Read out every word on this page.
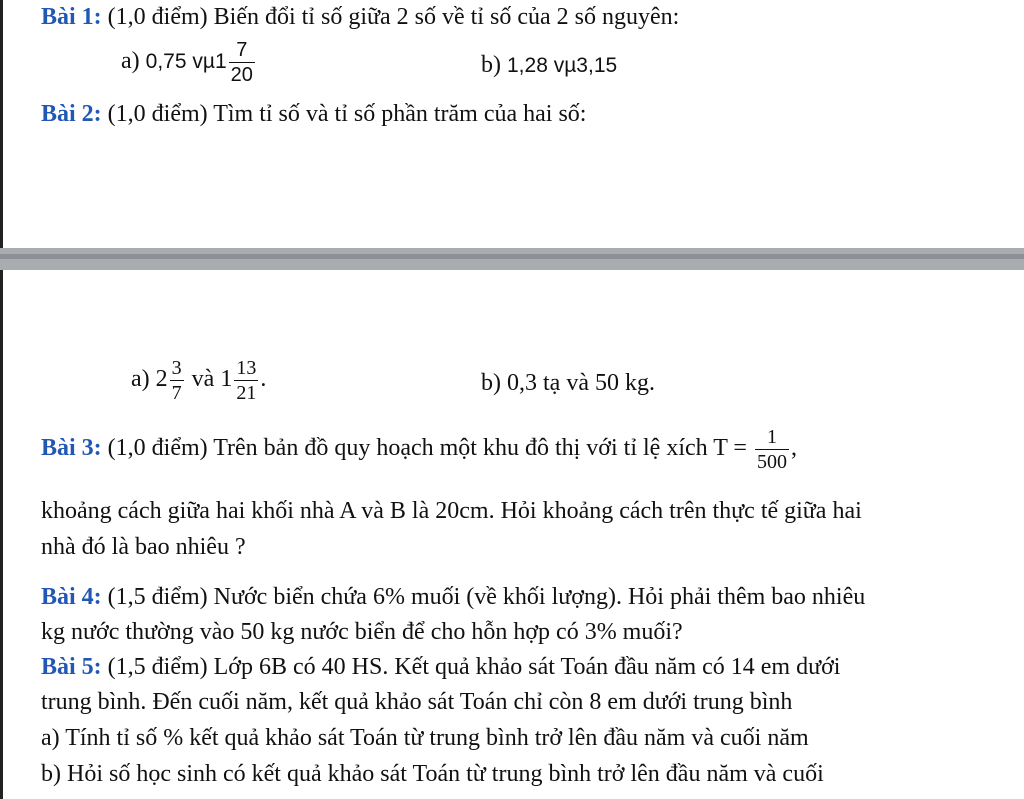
Bài 1: (1,0 điểm) Biến đổi tỉ số giữa 2 số về tỉ số của 2 số nguyên:
a) 0,75 $v\mu 1 \frac{7}{20}$	b) 1,28 vµ3,15
Bài 2: (1,0 điểm) Tìm tỉ số và tỉ số phần trăm của hai số:
a) $2 \frac{3}{7}$ và $1 \frac{13}{21}$ .	b) 0,3 tạ và 50 kg.
Bài 3: (1,0 điểm) Trên bản đồ quy hoạch một khu đô thị với tỉ lệ xích $T = \frac{1}{500}$ ,
khoảng cách giữa hai khối nhà A và B là 20cm. Hỏi khoảng cách trên thực tế giữa hai
nhà đó là bao nhiêu ?
Bài 4: (1,5 điểm) Nước biển chứa 6% muối (về khối lượng). Hỏi phải thêm bao nhiêu
kg nước thường vào 50 kg nước biển để cho hỗn hợp có 3% muối?
Bài 5: (1,5 điểm) Lớp 6B có 40 HS. Kết quả khảo sát Toán đầu năm có 14 em dưới
trung bình. Đến cuối năm, kết quả khảo sát Toán chỉ còn 8 em dưới trung bình
a) Tính tỉ số % kết quả khảo sát Toán từ trung bình trở lên đầu năm và cuối năm
b) Hỏi số học sinh có kết quả khảo sát Toán từ trung bình trở lên đầu năm và cuối
